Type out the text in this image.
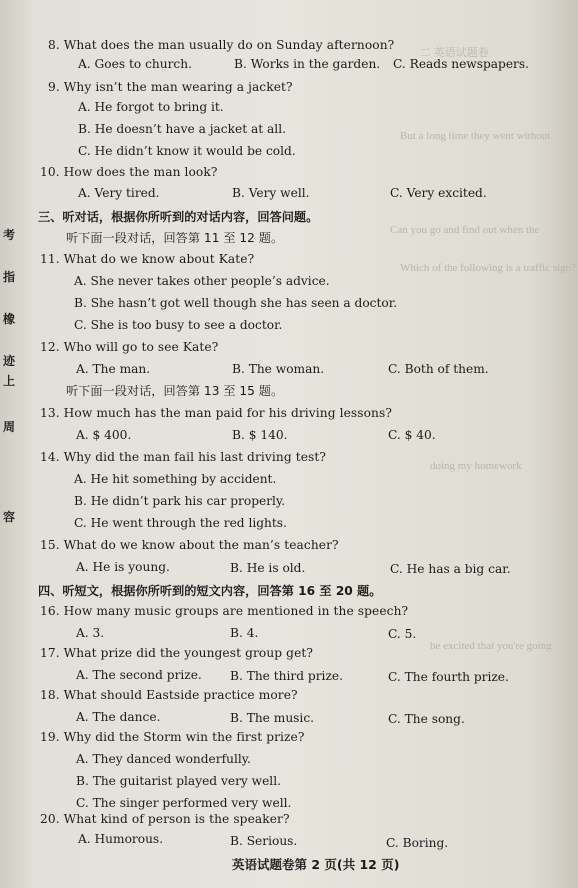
二 英语试题卷
But a long time they went without
Can you go and find out when the
Which of the following is a traffic sign?
doing my homework
be excited that you're going
考
指
橡
迹
上
周
容
8. What does the man usually do on Sunday afternoon?
A. Goes to church.	B. Works in the garden. C. Reads newspapers.
9. Why isn’t the man wearing a jacket?
A. He forgot to bring it.
B. He doesn’t have a jacket at all.
C. He didn’t know it would be cold.
10. How does the man look?
A. Very tired.	B. Very well.	C. Very excited.
三、听对话，根据你所听到的对话内容，回答问题。
听下面一段对话，回答第 11 至 12 题。
11. What do we know about Kate?
A. She never takes other people’s advice.
B. She hasn’t got well though she has seen a doctor.
C. She is too busy to see a doctor.
12. Who will go to see Kate?
A. The man.	B. The woman.	C. Both of them.
听下面一段对话，回答第 13 至 15 题。
13. How much has the man paid for his driving lessons?
A. $ 400.	B. $ 140.	C. $ 40.
14. Why did the man fail his last driving test?
A. He hit something by accident.
B. He didn’t park his car properly.
C. He went through the red lights.
15. What do we know about the man’s teacher?
A. He is young.	B. He is old.	C. He has a big car.
四、听短文，根据你所听到的短文内容，回答第 16 至 20 题。
16. How many music groups are mentioned in the speech?
A. 3.	B. 4.	C. 5.
17. What prize did the youngest group get?
A. The second prize. B. The third prize.	C. The fourth prize.
18. What should Eastside practice more?
A. The dance.	B. The music.	C. The song.
19. Why did the Storm win the first prize?
A. They danced wonderfully.
B. The guitarist played very well.
C. The singer performed very well.
20. What kind of person is the speaker?
A. Humorous.	B. Serious.	C. Boring.
英语试题卷第 2 页(共 12 页)
